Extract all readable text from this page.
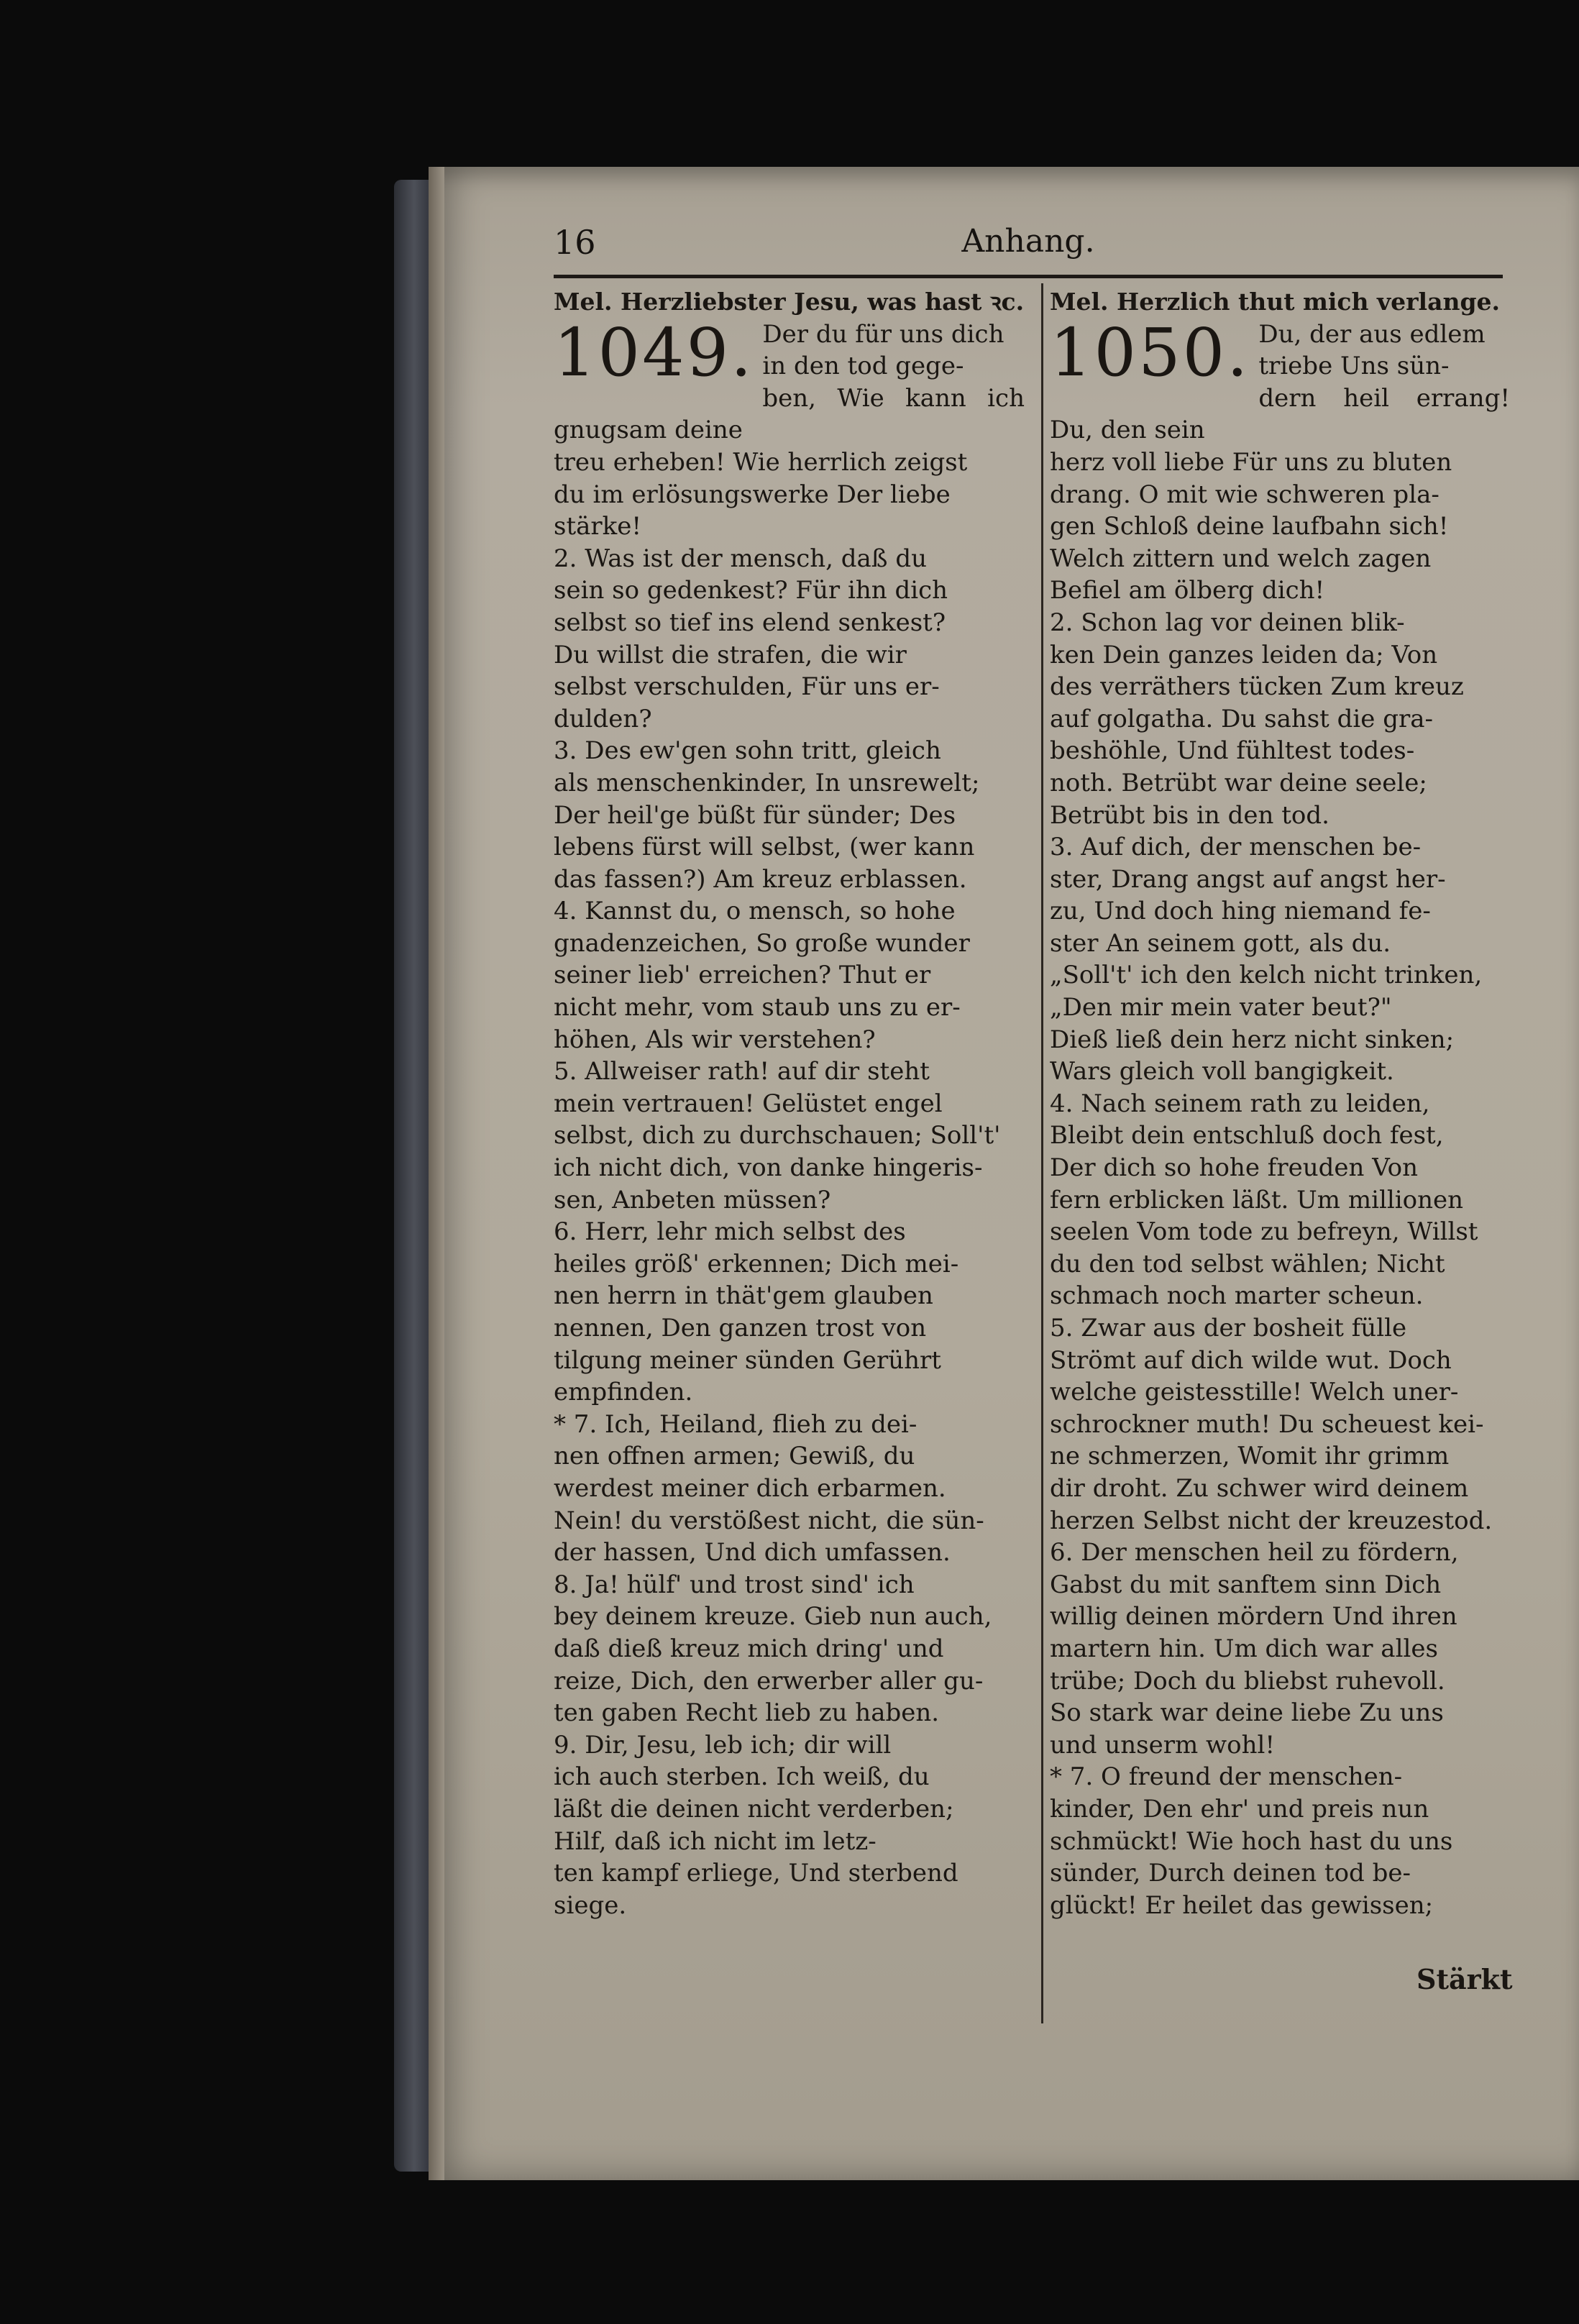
16	Anhang.
Mel. Herzliebster Jesu, was hast ꝛc.
1049. Der du für uns dich
in den tod gege-
ben, Wie kann ich gnugsam deine
treu erheben! Wie herrlich zeigst
du im erlösungswerke Der liebe
stärke!
2. Was ist der mensch, daß du
sein so gedenkest? Für ihn dich
selbst so tief ins elend senkest?
Du willst die strafen, die wir
selbst verschulden, Für uns er-
dulden?
3. Des ew'gen sohn tritt, gleich
als menschenkinder, In unsrewelt;
Der heil'ge büßt für sünder; Des
lebens fürst will selbst, (wer kann
das fassen?) Am kreuz erblassen.
4. Kannst du, o mensch, so hohe
gnadenzeichen, So große wunder
seiner lieb' erreichen? Thut er
nicht mehr, vom staub uns zu er-
höhen, Als wir verstehen?
5. Allweiser rath! auf dir steht
mein vertrauen! Gelüstet engel
selbst, dich zu durchschauen; Soll't'
ich nicht dich, von danke hingeris-
sen, Anbeten müssen?
6. Herr, lehr mich selbst des
heiles größ' erkennen; Dich mei-
nen herrn in thät'gem glauben
nennen, Den ganzen trost von
tilgung meiner sünden Gerührt
empfinden.
* 7. Ich, Heiland, flieh zu dei-
nen offnen armen; Gewiß, du
werdest meiner dich erbarmen.
Nein! du verstößest nicht, die sün-
der hassen, Und dich umfassen.
8. Ja! hülf' und trost sind' ich
bey deinem kreuze. Gieb nun auch,
daß dieß kreuz mich dring' und
reize, Dich, den erwerber aller gu-
ten gaben Recht lieb zu haben.
9. Dir, Jesu, leb ich; dir will
ich auch sterben. Ich weiß, du
läßt die deinen nicht verderben;
Hilf, daß ich nicht im letz-
ten kampf erliege, Und sterbend
siege.
Mel. Herzlich thut mich verlange.
1050. Du, der aus edlem
triebe Uns sün-
dern heil errang! Du, den sein
herz voll liebe Für uns zu bluten
drang. O mit wie schweren pla-
gen Schloß deine laufbahn sich!
Welch zittern und welch zagen
Befiel am ölberg dich!
2. Schon lag vor deinen blik-
ken Dein ganzes leiden da; Von
des verräthers tücken Zum kreuz
auf golgatha. Du sahst die gra-
beshöhle, Und fühltest todes-
noth. Betrübt war deine seele;
Betrübt bis in den tod.
3. Auf dich, der menschen be-
ster, Drang angst auf angst her-
zu, Und doch hing niemand fe-
ster An seinem gott, als du.
„Soll't' ich den kelch nicht trinken,
„Den mir mein vater beut?"
Dieß ließ dein herz nicht sinken;
Wars gleich voll bangigkeit.
4. Nach seinem rath zu leiden,
Bleibt dein entschluß doch fest,
Der dich so hohe freuden Von
fern erblicken läßt. Um millionen
seelen Vom tode zu befreyn, Willst
du den tod selbst wählen; Nicht
schmach noch marter scheun.
5. Zwar aus der bosheit fülle
Strömt auf dich wilde wut. Doch
welche geistesstille! Welch uner-
schrockner muth! Du scheuest kei-
ne schmerzen, Womit ihr grimm
dir droht. Zu schwer wird deinem
herzen Selbst nicht der kreuzestod.
6. Der menschen heil zu fördern,
Gabst du mit sanftem sinn Dich
willig deinen mördern Und ihren
martern hin. Um dich war alles
trübe; Doch du bliebst ruhevoll.
So stark war deine liebe Zu uns
und unserm wohl!
* 7. O freund der menschen-
kinder, Den ehr' und preis nun
schmückt! Wie hoch hast du uns
sünder, Durch deinen tod be-
glückt! Er heilet das gewissen;
Stärkt
